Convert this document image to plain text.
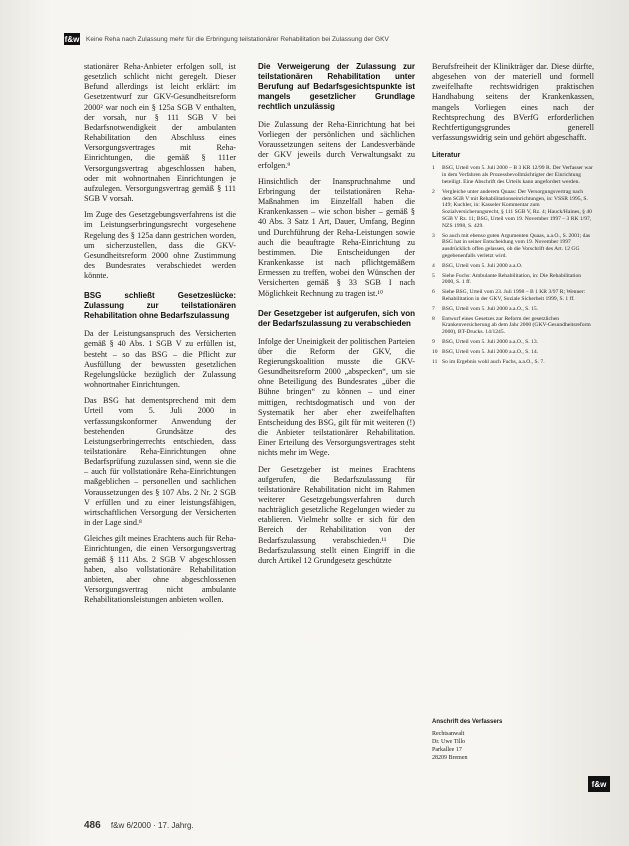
f&w Keine Reha nach Zulassung mehr für die Erbringung teilstationärer Rehabilitation bei Zulassung der GKV

stationärer Reha-Anbieter erfolgen soll, ist gesetzlich schlicht nicht geregelt. Dieser Befund allerdings ist leicht erklärt: im Gesetzentwurf zur GKV-Gesundheitsreform 2000² war noch ein § 125a SGB V enthalten, der vorsah, nur § 111 SGB V bei Bedarfsnotwendigkeit der ambulanten Rehabilitation den Abschluss eines Versorgungsvertrages mit Reha-Einrichtungen, die gemäß § 111er Versorgungsvertrag abgeschlossen haben, oder mit wohnortnahen Einrichtungen je aufzulegen. Versorgungsvertrag gemäß § 111 SGB V vorsah.

Im Zuge des Gesetzgebungsverfahrens ist die im Leistungserbringungsrecht vorgesehene Regelung des § 125a dann gestrichen worden, um sicherzustellen, dass die GKV-Gesundheitsreform 2000 ohne Zustimmung des Bundesrates verabschiedet werden könnte.

BSG schließt Gesetzeslücke: Zulassung zur teilstationären Rehabilitation ohne Bedarfszulassung

Da der Leistungsanspruch des Versicherten gemäß § 40 Abs. 1 SGB V zu erfüllen ist, besteht – so das BSG – die Pflicht zur Ausfüllung der bewussten gesetzlichen Regelungslücke bezüglich der Zulassung wohnortnaher Einrichtungen.

Das BSG hat dementsprechend mit dem Urteil vom 5. Juli 2000 in verfassungskonformer Anwendung der bestehenden Grundsätze des Leistungserbringerrechts entschieden, dass teilstationäre Reha-Einrichtungen ohne Bedarfsprüfung zuzulassen sind, wenn sie die – auch für vollstationäre Reha-Einrichtungen maßgeblichen – personellen und sachlichen Voraussetzungen des § 107 Abs. 2 Nr. 2 SGB V erfüllen und zu einer leistungsfähigen, wirtschaftlichen Versorgung der Versicherten in der Lage sind.⁸

Gleiches gilt meines Erachtens auch für Reha-Einrichtungen, die einen Versorgungsvertrag gemäß § 111 Abs. 2 SGB V abgeschlossen haben, also vollstationäre Rehabilitation anbieten, aber ohne abgeschlossenen Versorgungsvertrag nicht ambulante Rehabilitationsleistungen anbieten wollen.

Die Verweigerung der Zulassung zur teilstationären Rehabilitation unter Berufung auf Bedarfsgesichtspunkte ist mangels gesetzlicher Grundlage rechtlich unzulässig

Die Zulassung der Reha-Einrichtung hat bei Vorliegen der persönlichen und sächlichen Voraussetzungen seitens der Landesverbände der GKV jeweils durch Verwaltungsakt zu erfolgen.⁹

Hinsichtlich der Inanspruchnahme und Erbringung der teilstationären Reha-Maßnahmen im Einzelfall haben die Krankenkassen – wie schon bisher – gemäß § 40 Abs. 3 Satz 1 Art, Dauer, Umfang, Beginn und Durchführung der Reha-Leistungen sowie auch die beauftragte Reha-Einrichtung zu bestimmen. Die Entscheidungen der Krankenkasse ist nach pflichtgemäßem Ermessen zu treffen, wobei den Wünschen der Versicherten gemäß § 33 SGB I nach Möglichkeit Rechnung zu tragen ist.¹⁰

Der Gesetzgeber ist aufgerufen, sich von der Bedarfszulassung zu verabschieden

Infolge der Uneinigkeit der politischen Parteien über die Reform der GKV, die Regierungskoalition musste die GKV-Gesundheitsreform 2000 „abspecken“, um sie ohne Beteiligung des Bundesrates „über die Bühne bringen“ zu können – und einer mittigen, rechtsdogmatisch und von der Systematik her aber eher zweifelhaften Entscheidung des BSG, gilt für mit weiteren (!) die Anbieter teilstationärer Rehabilitation. Einer Erteilung des Versorgungsvertrages steht nichts mehr im Wege.

Der Gesetzgeber ist meines Erachtens aufgerufen, die Bedarfszulassung für teilstationäre Rehabilitation nicht im Rahmen weiterer Gesetzgebungsverfahren durch nachträglich gesetzliche Regelungen wieder zu etablieren. Vielmehr sollte er sich für den Bereich der Rehabilitation von der Bedarfszulassung verabschieden.¹¹ Die Bedarfszulassung stellt einen Eingriff in die durch Artikel 12 Grundgesetz geschützte

Berufsfreiheit der Klinikträger dar. Diese dürfte, abgesehen von der materiell und formell zweifelhafte rechtswidrigen praktischen Handhabung seitens der Krankenkassen, mangels Vorliegen eines nach der Rechtsprechung des BVerfG erforderlichen Rechtfertigungsgrundes generell verfassungswidrig sein und gehört abgeschafft.

Literatur
1	BSG, Urteil vom 5. Juli 2000 – B 3 KR 12/99 R. Der Verfasser war in dem Verfahren als Prozessbevollmächtigter der Einrichtung beteiligt. Eine Abschrift des Urteils kann angefordert werden.
2	Vergleiche unter anderem Quaas: Der Versorgungsvertrag nach dem SGB V mit Rehabilitationseinrichtungen, in: VSSR 1995, S. 149; Kuchler, in: Kasseler Kommentar zum Sozialversicherungsrecht, § 111 SGB V, Rz. 4; Hauck/Haines, § 40 SGB V Rz. 11; BSG, Urteil vom 19. November 1997 – 3 RK 1/97, NZS 1998, S. 429.
3	So auch mit ebenso guten Argumenten Quaas, a.a.O., S. 2001; das BSG hat in seiner Entscheidung vom 19. November 1997 ausdrücklich offen gelassen, ob die Vorschrift des Art. 12 GG gegebenenfalls verletzt wird.
4	BSG, Urteil vom 5. Juli 2000 a.a.O.
5	Siehe Fuchs: Ambulante Rehabilitation, in: Die Rehabilitation 2000, S. 1 ff.
6	Siehe BSG, Urteil vom 23. Juli 1998 – B 1 KR 3/97 R; Wenner: Rehabilitation in der GKV, Soziale Sicherheit 1999, S. 1 ff.
7	BSG, Urteil vom 5. Juli 2000 a.a.O., S. 15.
8	Entwurf eines Gesetzes zur Reform der gesetzlichen Krankenversicherung ab dem Jahr 2000 (GKV-Gesundheitsreform 2000), BT-Drucks. 14/1245.
9	BSG, Urteil vom 5. Juli 2000 a.a.O., S. 13.
10 BSG, Urteil vom 5. Juli 2000 a.a.O., S. 14.
11 So im Ergebnis wohl auch Fuchs, a.a.O., S. 7.
Anschrift des Verfassers
Rechtsanwalt
Dr. Uwe Tillo
Parkallee 17
28209 Bremen
f&w
486 f&w 6/2000 · 17. Jahrg.
